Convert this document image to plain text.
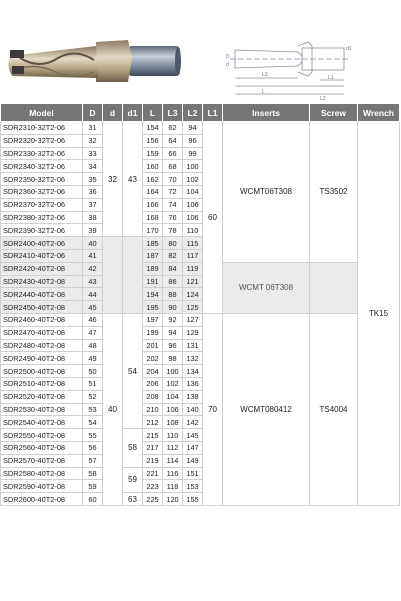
L
L3
L2
L1
D
d
d1
Model	D	d	d1	L	L3	L2	L1	Inserts	Screw	Wrench
SDR2310-32T2-06	31	32	43	154	62	94	60	WCMT06T308	TS3502	TK15
SDR2320-32T2-06	32			156	64	96				
SDR2330-32T2-06	33			159	66	99				
SDR2340-32T2-06	34			160	68	100				
SDR2350-32T2-06	35			162	70	102				
SDR2360-32T2-06	36			164	72	104				
SDR2370-32T2-06	37			166	74	106				
SDR2380-32T2-06	38			168	76	106				
SDR2390-32T2-06	39			170	78	110				
SDR2400-40T2-06	40			185	80	115				
SDR2410-40T2-06	41			187	82	117				
SDR2420-40T2-08	42			189	84	119		WCMT 06T308		
SDR2430-40T2-08	43			191	86	121				
SDR2440-40T2-08	44			194	88	124				
SDR2450-40T2-08	45			195	90	125				
SDR2460-40T2-08	46	40	54	197	92	127	70	WCMT080412	TS4004	
SDR2470-40T2-08	47			199	94	129				
SDR2480-40T2-08	48			201	96	131				
SDR2490-40T2-08	49			202	98	132				
SDR2500-40T2-08	50			204	100	134				
SDR2510-40T2-08	51			206	102	136				
SDR2520-40T2-08	52			208	104	138				
SDR2530-40T2-08	53			210	106	140				
SDR2540-40T2-08	54			212	108	142				
SDR2550-40T2-08	55		58	215	110	145				
SDR2560-40T2-08	56			217	112	147				
SDR2570-40T2-08	57			219	114	149				
SDR2580-40T2-08	58		59	221	116	151				
SDR2590-40T2-08	59			223	118	153				
SDR2600-40T2-08	60		63	225	120	155				
